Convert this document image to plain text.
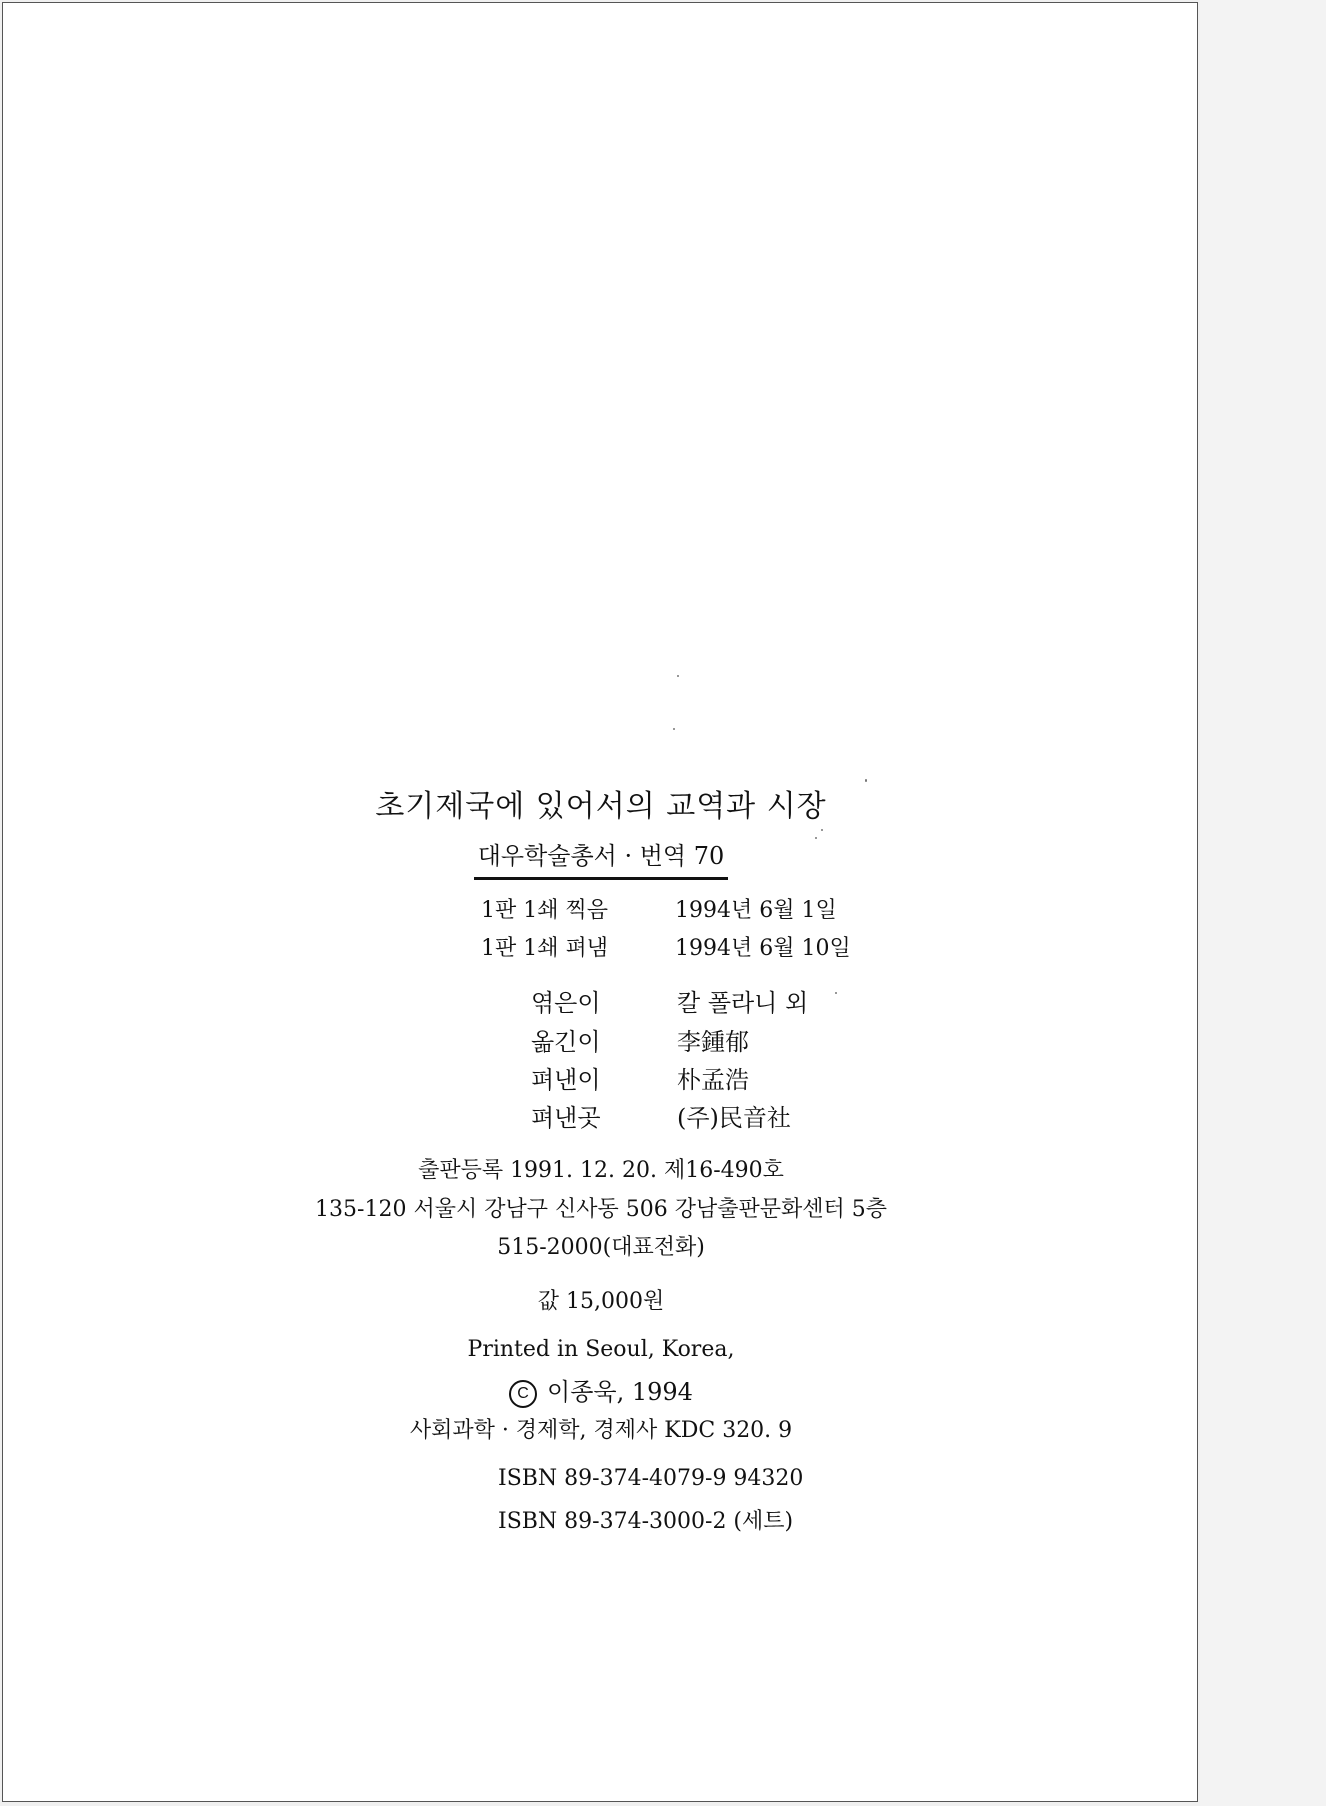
초기제국에 있어서의 교역과 시장
대우학술총서 · 번역 70
1판 1쇄 찍음	1994년 6월 1일
1판 1쇄 펴냄	1994년 6월 10일
엮은이	칼 폴라니 외
옮긴이	李鍾郁
펴낸이	朴孟浩
펴낸곳	(주)民音社
출판등록 1991. 12. 20. 제16-490호
135-120 서울시 강남구 신사동 506 강남출판문화센터 5층
515-2000(대표전화)
값 15,000원
Printed in Seoul, Korea,
C 이종욱, 1994
사회과학 · 경제학, 경제사 KDC 320. 9
ISBN 89-374-4079-9 94320
ISBN 89-374-3000-2 (세트)
